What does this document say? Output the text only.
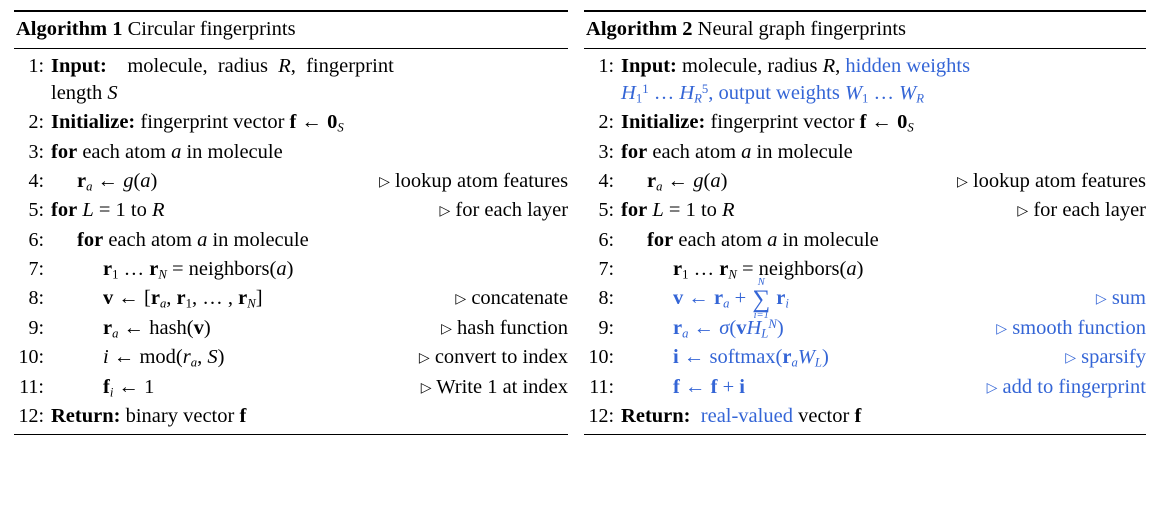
Algorithm 1 Circular fingerprints
1: Input:    molecule,  radius  R,  fingerprint
length S
2: Initialize: fingerprint vector f ← $0_S$
3: for each atom a in molecule
4:	▷ lookup atom features
$r_a$ ← g(a)
5:	▷ for each layer
for L = 1 to R
6:	for each atom a in molecule
7:	$r_1$ … $r_N$ = neighbors(a)
8:	▷ concatenate
v ← [$r_a$, $r_1$, … , $r_N$]
9:	▷ hash function
$r_a$ ← hash(v)
10:	▷ convert to index
i ← $mod(r_a$, S)
11:	▷ Write 1 at index
$f_i$ ← 1
12: Return: binary vector f
Algorithm 2 Neural graph fingerprints
1: Input: molecule, radius R, hidden weights
$H_1^1$ … $H_R^5$, output weights $W_1$ … $W_R$
2: Initialize: fingerprint vector f ← $0_S$
3: for each atom a in molecule
4:	▷ lookup atom features
$r_a$ ← g(a)
5:	▷ for each layer
for L = 1 to R
6:	for each atom a in molecule
7:	$r_1$ … $r_N$ = neighbors(a)
8:	▷ sum
v ← $r_a$ + ∑
N
i=1
$r_i$
9:	▷ smooth function
$r_a$ ← $\sigma(vH_L^N)$
10:	▷ sparsify
i ← $softmax(r_aW_L)$
11:	▷ add to fingerprint
f ← f + i
12: Return: real-valued vector f
